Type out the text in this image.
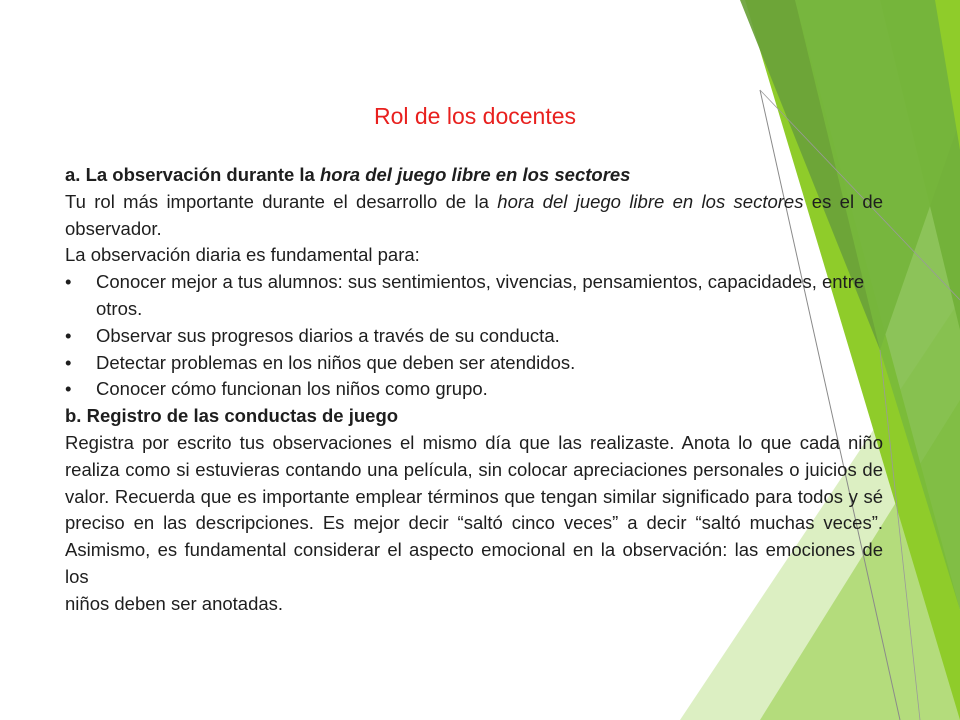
Rol de los docentes

a. La observación durante la hora del juego libre en los sectores

Tu rol más importante durante el desarrollo de la hora del juego libre en los sectores es el de observador.

La observación diaria es fundamental para:

• Conocer mejor a tus alumnos: sus sentimientos, vivencias, pensamientos, capacidades, entre otros.

• Observar sus progresos diarios a través de su conducta.

• Detectar problemas en los niños que deben ser atendidos.

• Conocer cómo funcionan los niños como grupo.

b. Registro de las conductas de juego

Registra por escrito tus observaciones el mismo día que las realizaste. Anota lo que cada niño realiza como si estuvieras contando una película, sin colocar apreciaciones personales o juicios de valor. Recuerda que es importante emplear términos que tengan similar significado para todos y sé preciso en las descripciones. Es mejor decir “saltó cinco veces” a decir “saltó muchas veces”. Asimismo, es fundamental considerar el aspecto emocional en la observación: las emociones de los

niños deben ser anotadas.
